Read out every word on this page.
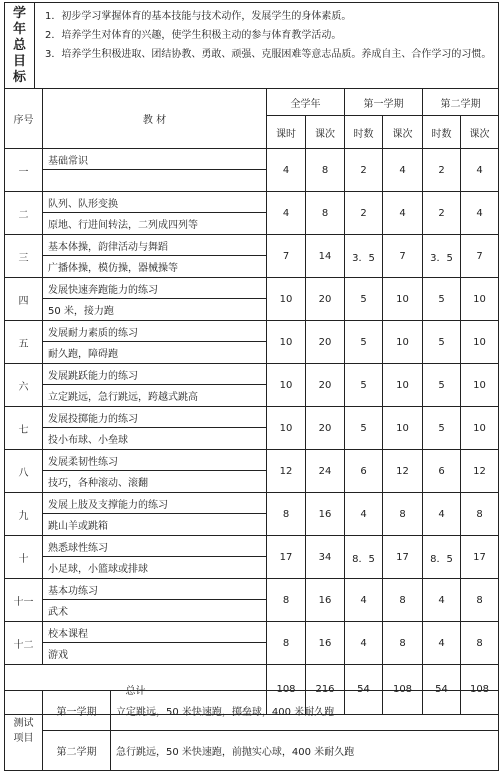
学年总目标

1．初步学习掌握体育的基本技能与技术动作，发展学生的身体素质。
2．培养学生对体育的兴趣，使学生积极主动的参与体育教学活动。
3．培养学生积极进取、团结协教、勇敢、顽强、克服困难等意志品质。养成自主、合作学习的习惯。
序号	教 材	全学年		第一学期		第二学期	
		课时	课次	时数	课次	时数	课次
一	基础常识	4	8	2	4	2	4

二	队列、队形变换	4	8	2	4	2	4
	原地、行进间转法，二列成四列等						
三	基本体操，韵律活动与舞蹈	7	14	3．5	7	3．5	7
	广播体操，模仿操，器械操等						
四	发展快速奔跑能力的练习	10	20	5	10	5	10
	50 米，接力跑						
五	发展耐力素质的练习	10	20	5	10	5	10
	耐久跑，障碍跑						
六	发展跳跃能力的练习	10	20	5	10	5	10
	立定跳远，急行跳远，跨越式跳高						
七	发展投掷能力的练习	10	20	5	10	5	10
	投小布球、小垒球						
八	发展柔韧性练习	12	24	6	12	6	12
	技巧，各种滚动、滚翻						
九	发展上肢及支撑能力的练习	8	16	4	8	4	8
	跳山羊或跳箱						
十	熟悉球性练习	17	34	8．5	17	8．5	17
	小足球，小篮球或排球						
十一	基本功练习	8	16	4	8	4	8
	武术						
十二	校本课程	8	16	4	8	4	8
	游戏						
总计		108	216	54	108	54	108
测试项目	第一学期	立定跳远，50 米快速跑，掷垒球，400 米耐久跑
	第二学期	急行跳远，50 米快速跑，前抛实心球，400 米耐久跑
